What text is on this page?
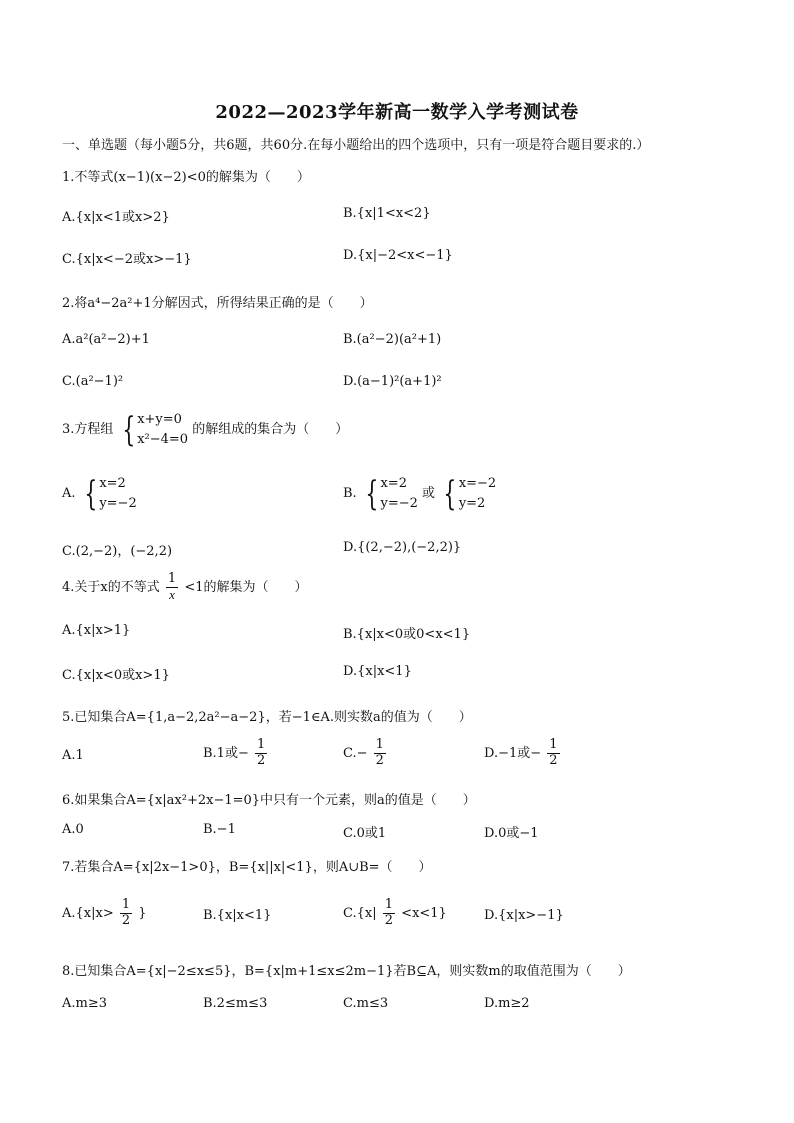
2022—2023学年新高一数学入学考测试卷
一、单选题（每小题5分，共6题，共60分.在每小题给出的四个选项中，只有一项是符合题目要求的.）
1.不等式(x−1)(x−2)<0的解集为（　　）
A.{x|x<1或x>2}	B.{x|1<x<2}
C.{x|x<−2或x>−1}	D.{x|−2<x<−1}
2.将a⁴−2a²+1分解因式，所得结果正确的是（　　）
A.a²(a²−2)+1	B.(a²−2)(a²+1)
C.(a²−1)²	D.(a−1)²(a+1)²
3.方程组 { x+y=0
x²−4=0
的解组成的集合为（　　）
A. { x=2
y=−2
B. { x=2
y=−2
或 { x=−2
y=2
C.(2,−2)，(−2,2)	D.{(2,−2),(−2,2)}
4.关于x的不等式 $\frac{1}{x} <1$的解集为（　　）
A.{x|x>1}	B.{x|x<0或0<x<1}
C.{x|x<0或x>1}	D.{x|x<1}
5.已知集合A={1,a−2,2a²−a−2}，若−1∈A.则实数a的值为（　　）
A.1	B.1或− $\frac{1}{2}$	$C.- \frac{1}{2}$	D.−1或− $\frac{1}{2}$
6.如果集合A={x|ax²+2x−1=0}中只有一个元素，则a的值是（　　）
A.0	B.−1	C.0或1	D.0或−1
7.若集合A={x|2x−1>0}，B={x||x|<1}，则A∪B=（　　）
$A.\{x|x> \frac{1}{2}$ }	B.{x|x<1}	$C.\{x| \frac{1}{2} <x<1\}$	D.{x|x>−1}
8.已知集合A={x|−2≤x≤5}，B={x|m+1≤x≤2m−1}若B⊆A，则实数m的取值范围为（　　）
A.m≥3	B.2≤m≤3	C.m≤3	D.m≥2
